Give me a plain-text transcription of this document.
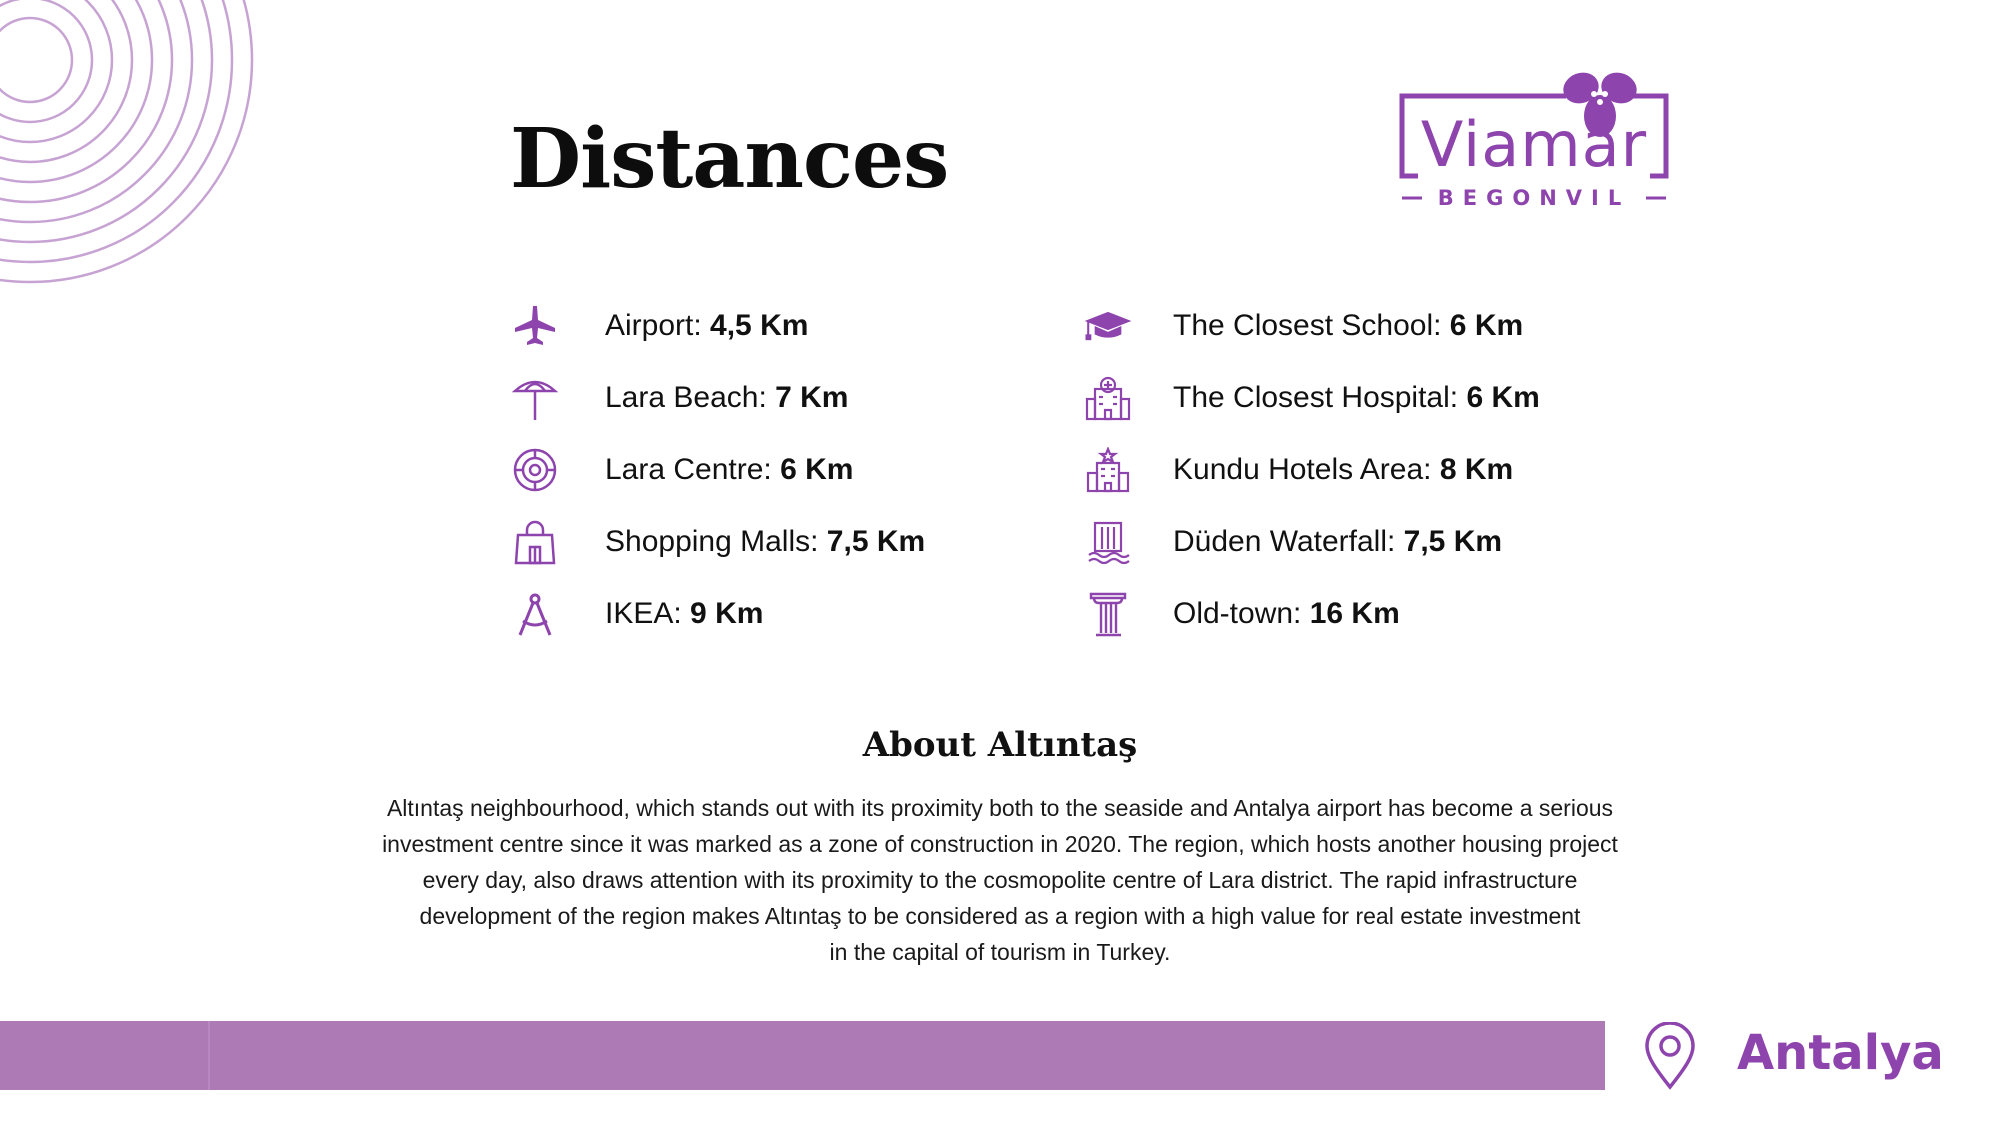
Distances	Viamar
BEGONVIL
Airport: 4,5 Km
Lara Beach: 7 Km
Lara Centre: 6 Km
Shopping Malls: 7,5 Km
IKEA: 9 Km
The Closest School: 6 Km
The Closest Hospital: 6 Km
Kundu Hotels Area: 8 Km
Düden Waterfall: 7,5 Km
Old-town: 16 Km
About Altıntaş
Altıntaş neighbourhood, which stands out with its proximity both to the seaside and Antalya airport has become a serious
investment centre since it was marked as a zone of construction in 2020. The region, which hosts another housing project
every day, also draws attention with its proximity to the cosmopolite centre of Lara district. The rapid infrastructure
development of the region makes Altıntaş to be considered as a region with a high value for real estate investment
in the capital of tourism in Turkey.
Antalya
